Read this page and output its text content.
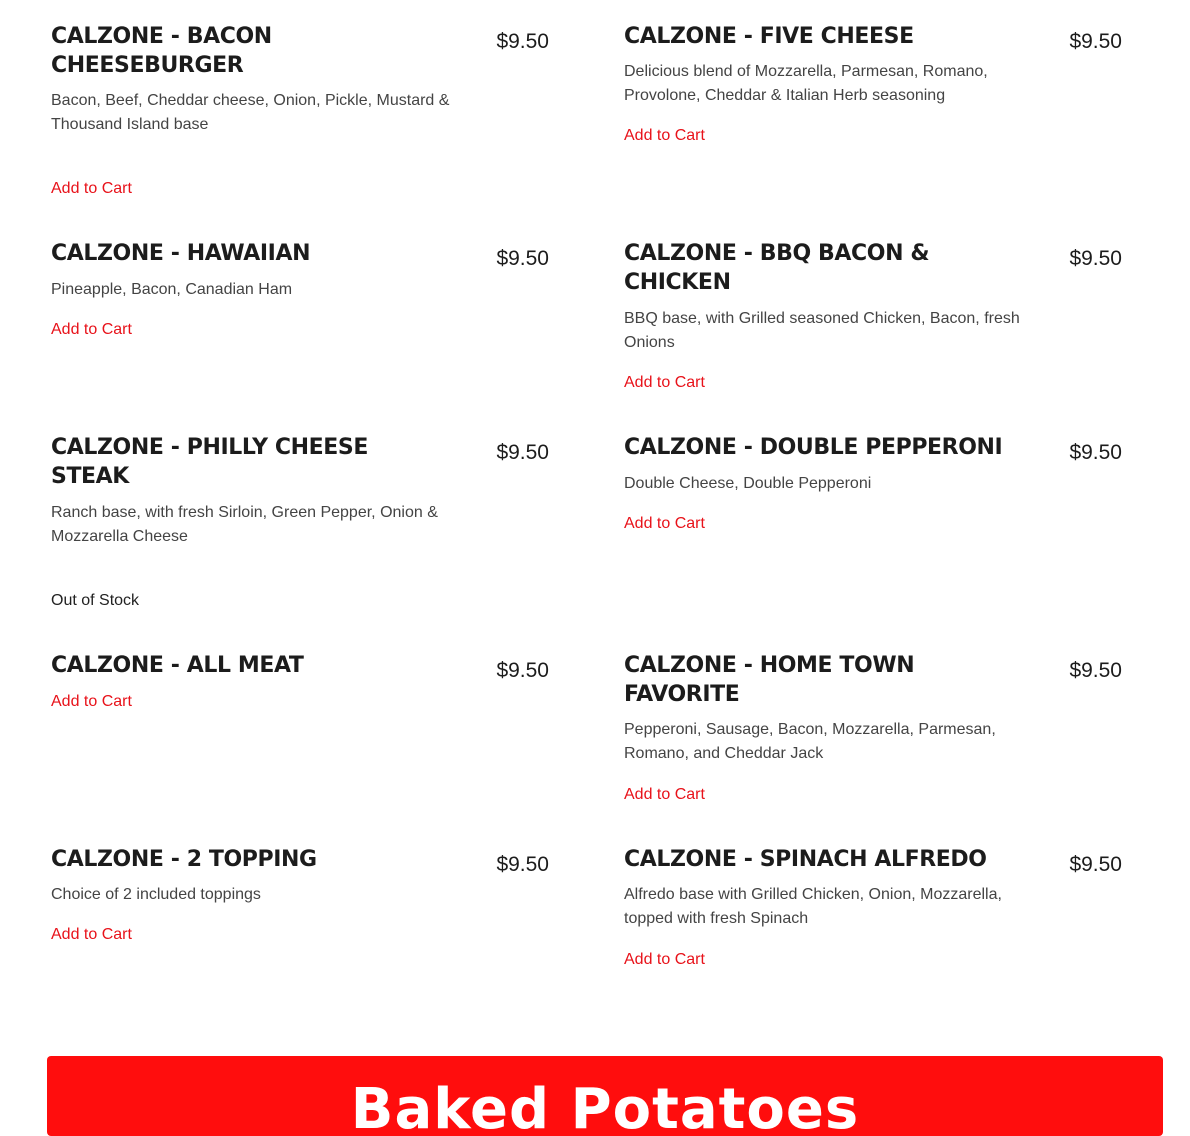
CALZONE - BACON CHEESEBURGER
$9.50

Bacon, Beef, Cheddar cheese, Onion, Pickle, Mustard & Thousand Island base

Add to Cart
CALZONE - FIVE CHEESE	$9.50

Delicious blend of Mozzarella, Parmesan, Romano, Provolone, Cheddar & Italian Herb seasoning

Add to Cart
CALZONE - HAWAIIAN	$9.50

Pineapple, Bacon, Canadian Ham

Add to Cart
CALZONE - BBQ BACON & CHICKEN
$9.50

BBQ base, with Grilled seasoned Chicken, Bacon, fresh Onions

Add to Cart
CALZONE - PHILLY CHEESE STEAK
$9.50

Ranch base, with fresh Sirloin, Green Pepper, Onion & Mozzarella Cheese

Out of Stock
CALZONE - DOUBLE PEPPERONI	$9.50

Double Cheese, Double Pepperoni

Add to Cart
CALZONE - ALL MEAT	$9.50
Add to Cart
CALZONE - HOME TOWN FAVORITE
$9.50

Pepperoni, Sausage, Bacon, Mozzarella, Parmesan, Romano, and Cheddar Jack

Add to Cart
CALZONE - 2 TOPPING	$9.50

Choice of 2 included toppings

Add to Cart
CALZONE - SPINACH ALFREDO	$9.50

Alfredo base with Grilled Chicken, Onion, Mozzarella, topped with fresh Spinach

Add to Cart
Baked Potatoes
